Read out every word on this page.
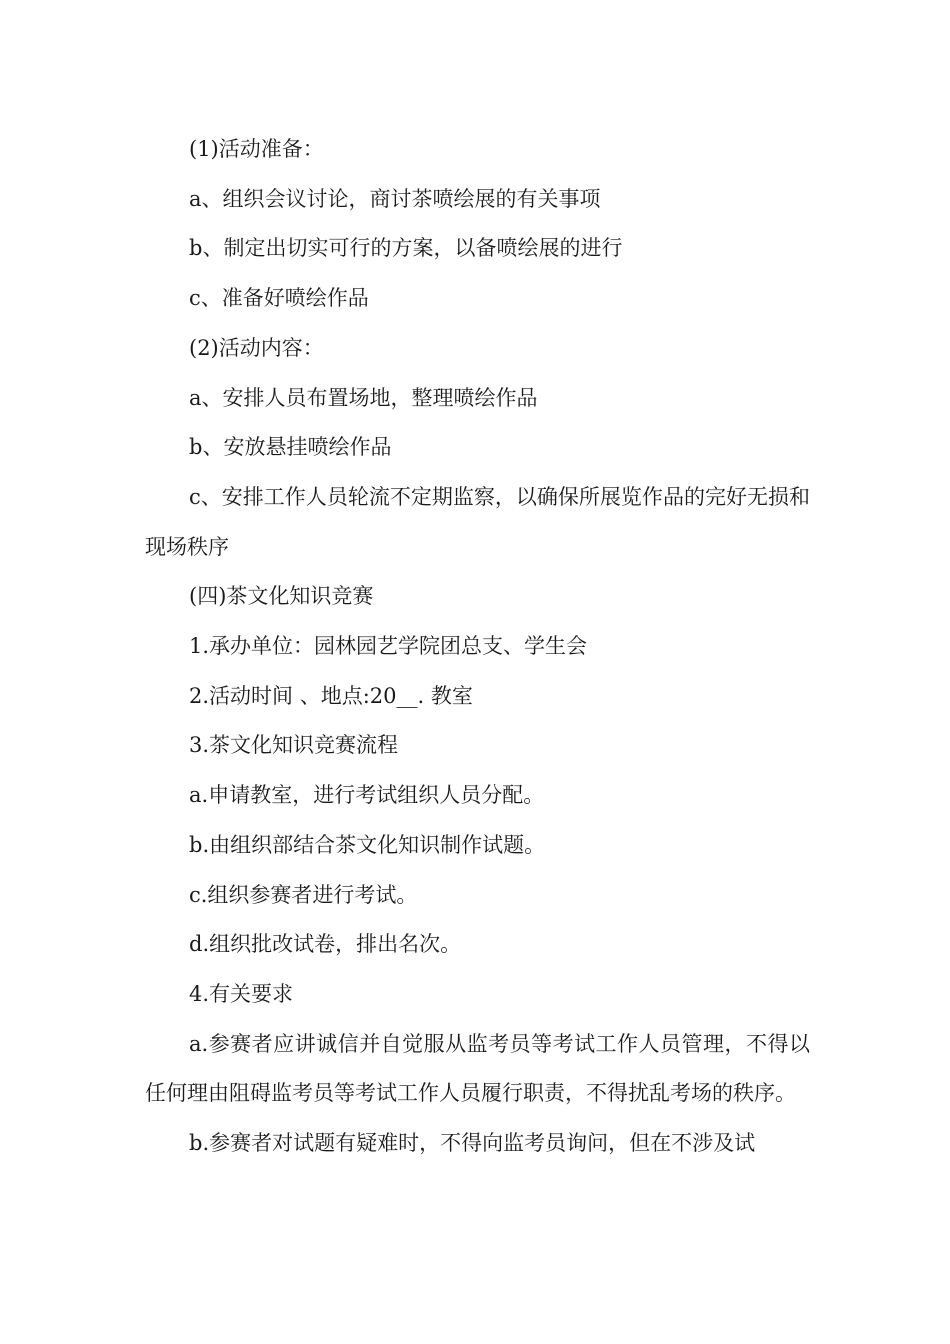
(1)活动准备：

a、组织会议讨论，商讨茶喷绘展的有关事项

b、制定出切实可行的方案，以备喷绘展的进行

c、准备好喷绘作品

(2)活动内容：

a、安排人员布置场地，整理喷绘作品

b、安放悬挂喷绘作品

c、安排工作人员轮流不定期监察，以确保所展览作品的完好无损和现场秩序

(四)茶文化知识竞赛

1.承办单位：园林园艺学院团总支、学生会

2.活动时间 、地点:20__. 教室

3.茶文化知识竞赛流程

a.申请教室，进行考试组织人员分配。

b.由组织部结合茶文化知识制作试题。

c.组织参赛者进行考试。

d.组织批改试卷，排出名次。

4.有关要求

a.参赛者应讲诚信并自觉服从监考员等考试工作人员管理，不得以任何理由阻碍监考员等考试工作人员履行职责，不得扰乱考场的秩序。

b.参赛者对试题有疑难时，不得向监考员询问，但在不涉及试
